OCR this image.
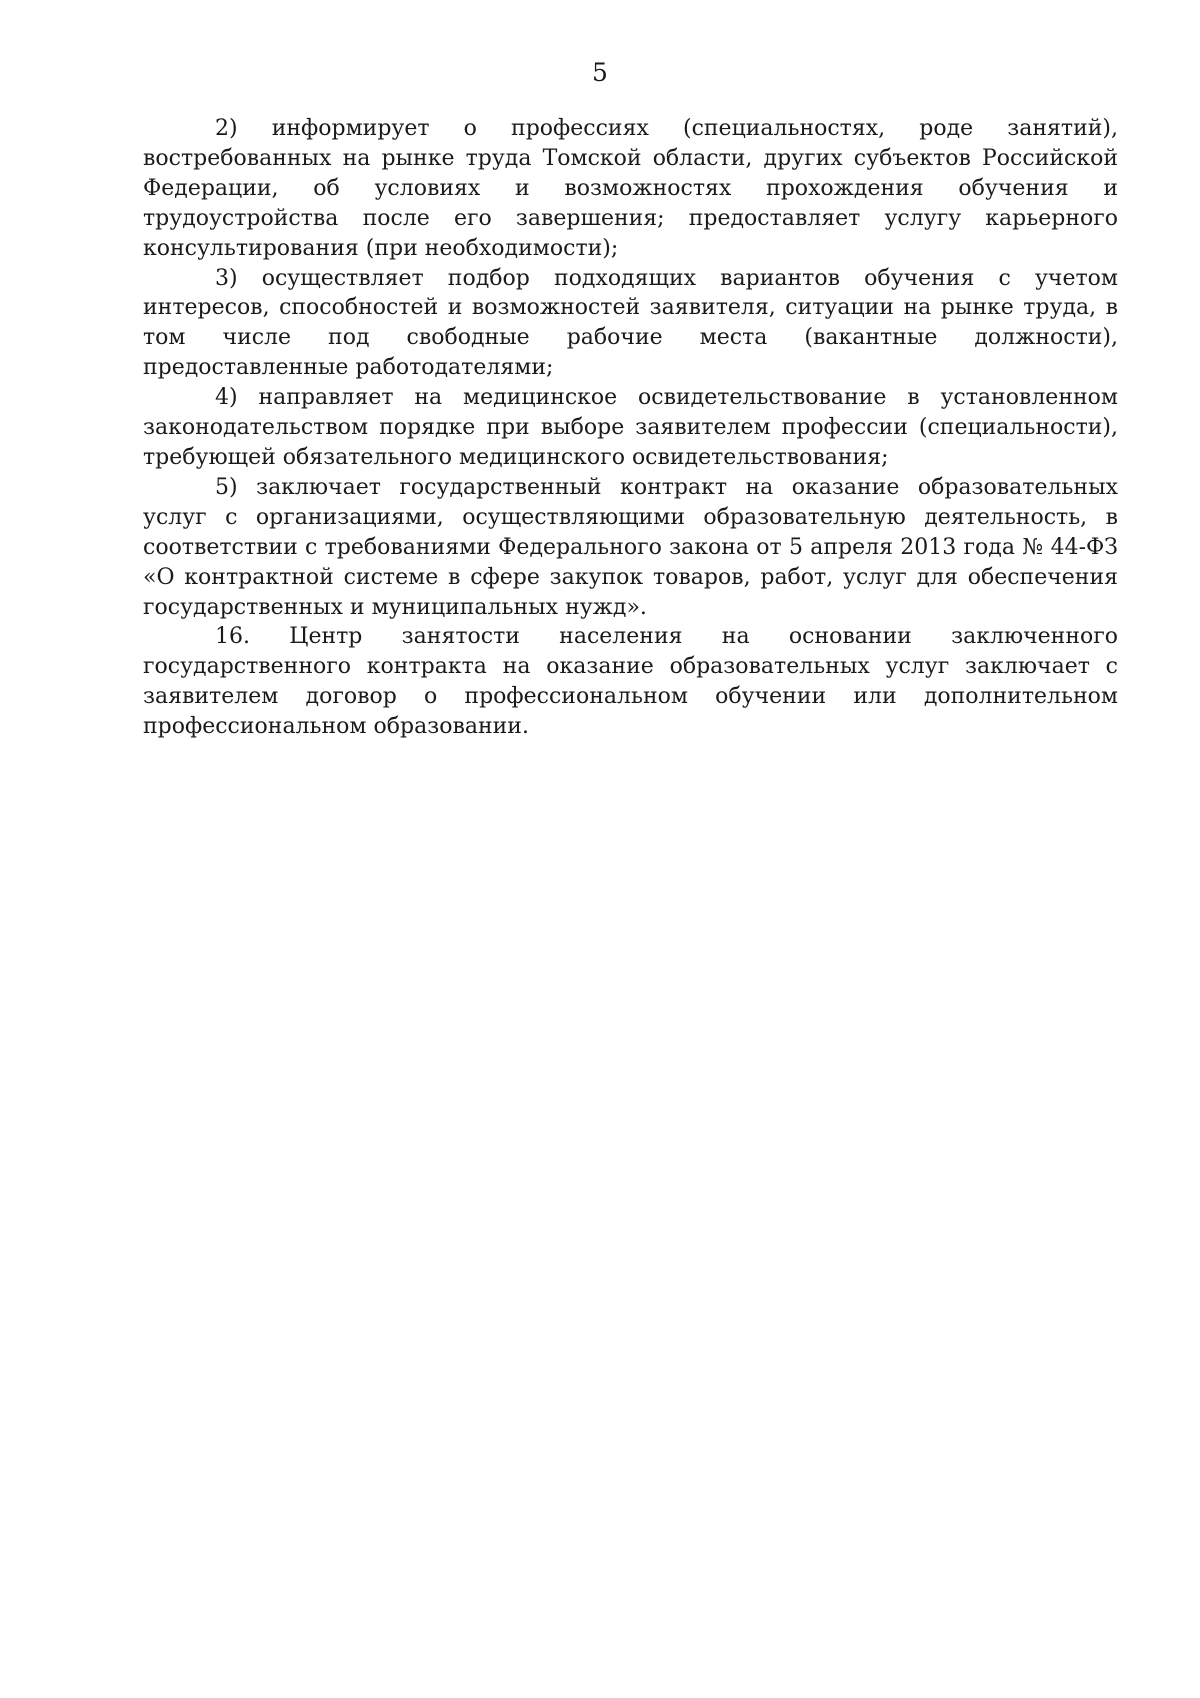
5

2) информирует о профессиях (специальностях, роде занятий), востребованных на рынке труда Томской области, других субъектов Российской Федерации, об условиях и возможностях прохождения обучения и трудоустройства после его завершения; предоставляет услугу карьерного консультирования (при необходимости);

3) осуществляет подбор подходящих вариантов обучения с учетом интересов, способностей и возможностей заявителя, ситуации на рынке труда, в том числе под свободные рабочие места (вакантные должности), предоставленные работодателями;

4) направляет на медицинское освидетельствование в установленном законодательством порядке при выборе заявителем профессии (специальности), требующей обязательного медицинского освидетельствования;

5) заключает государственный контракт на оказание образовательных услуг с организациями, осуществляющими образовательную деятельность, в соответствии с требованиями Федерального закона от 5 апреля 2013 года № 44-ФЗ «О контрактной системе в сфере закупок товаров, работ, услуг для обеспечения государственных и муниципальных нужд».

16. Центр занятости населения на основании заключенного государственного контракта на оказание образовательных услуг заключает с заявителем договор о профессиональном обучении или дополнительном профессиональном образовании.
